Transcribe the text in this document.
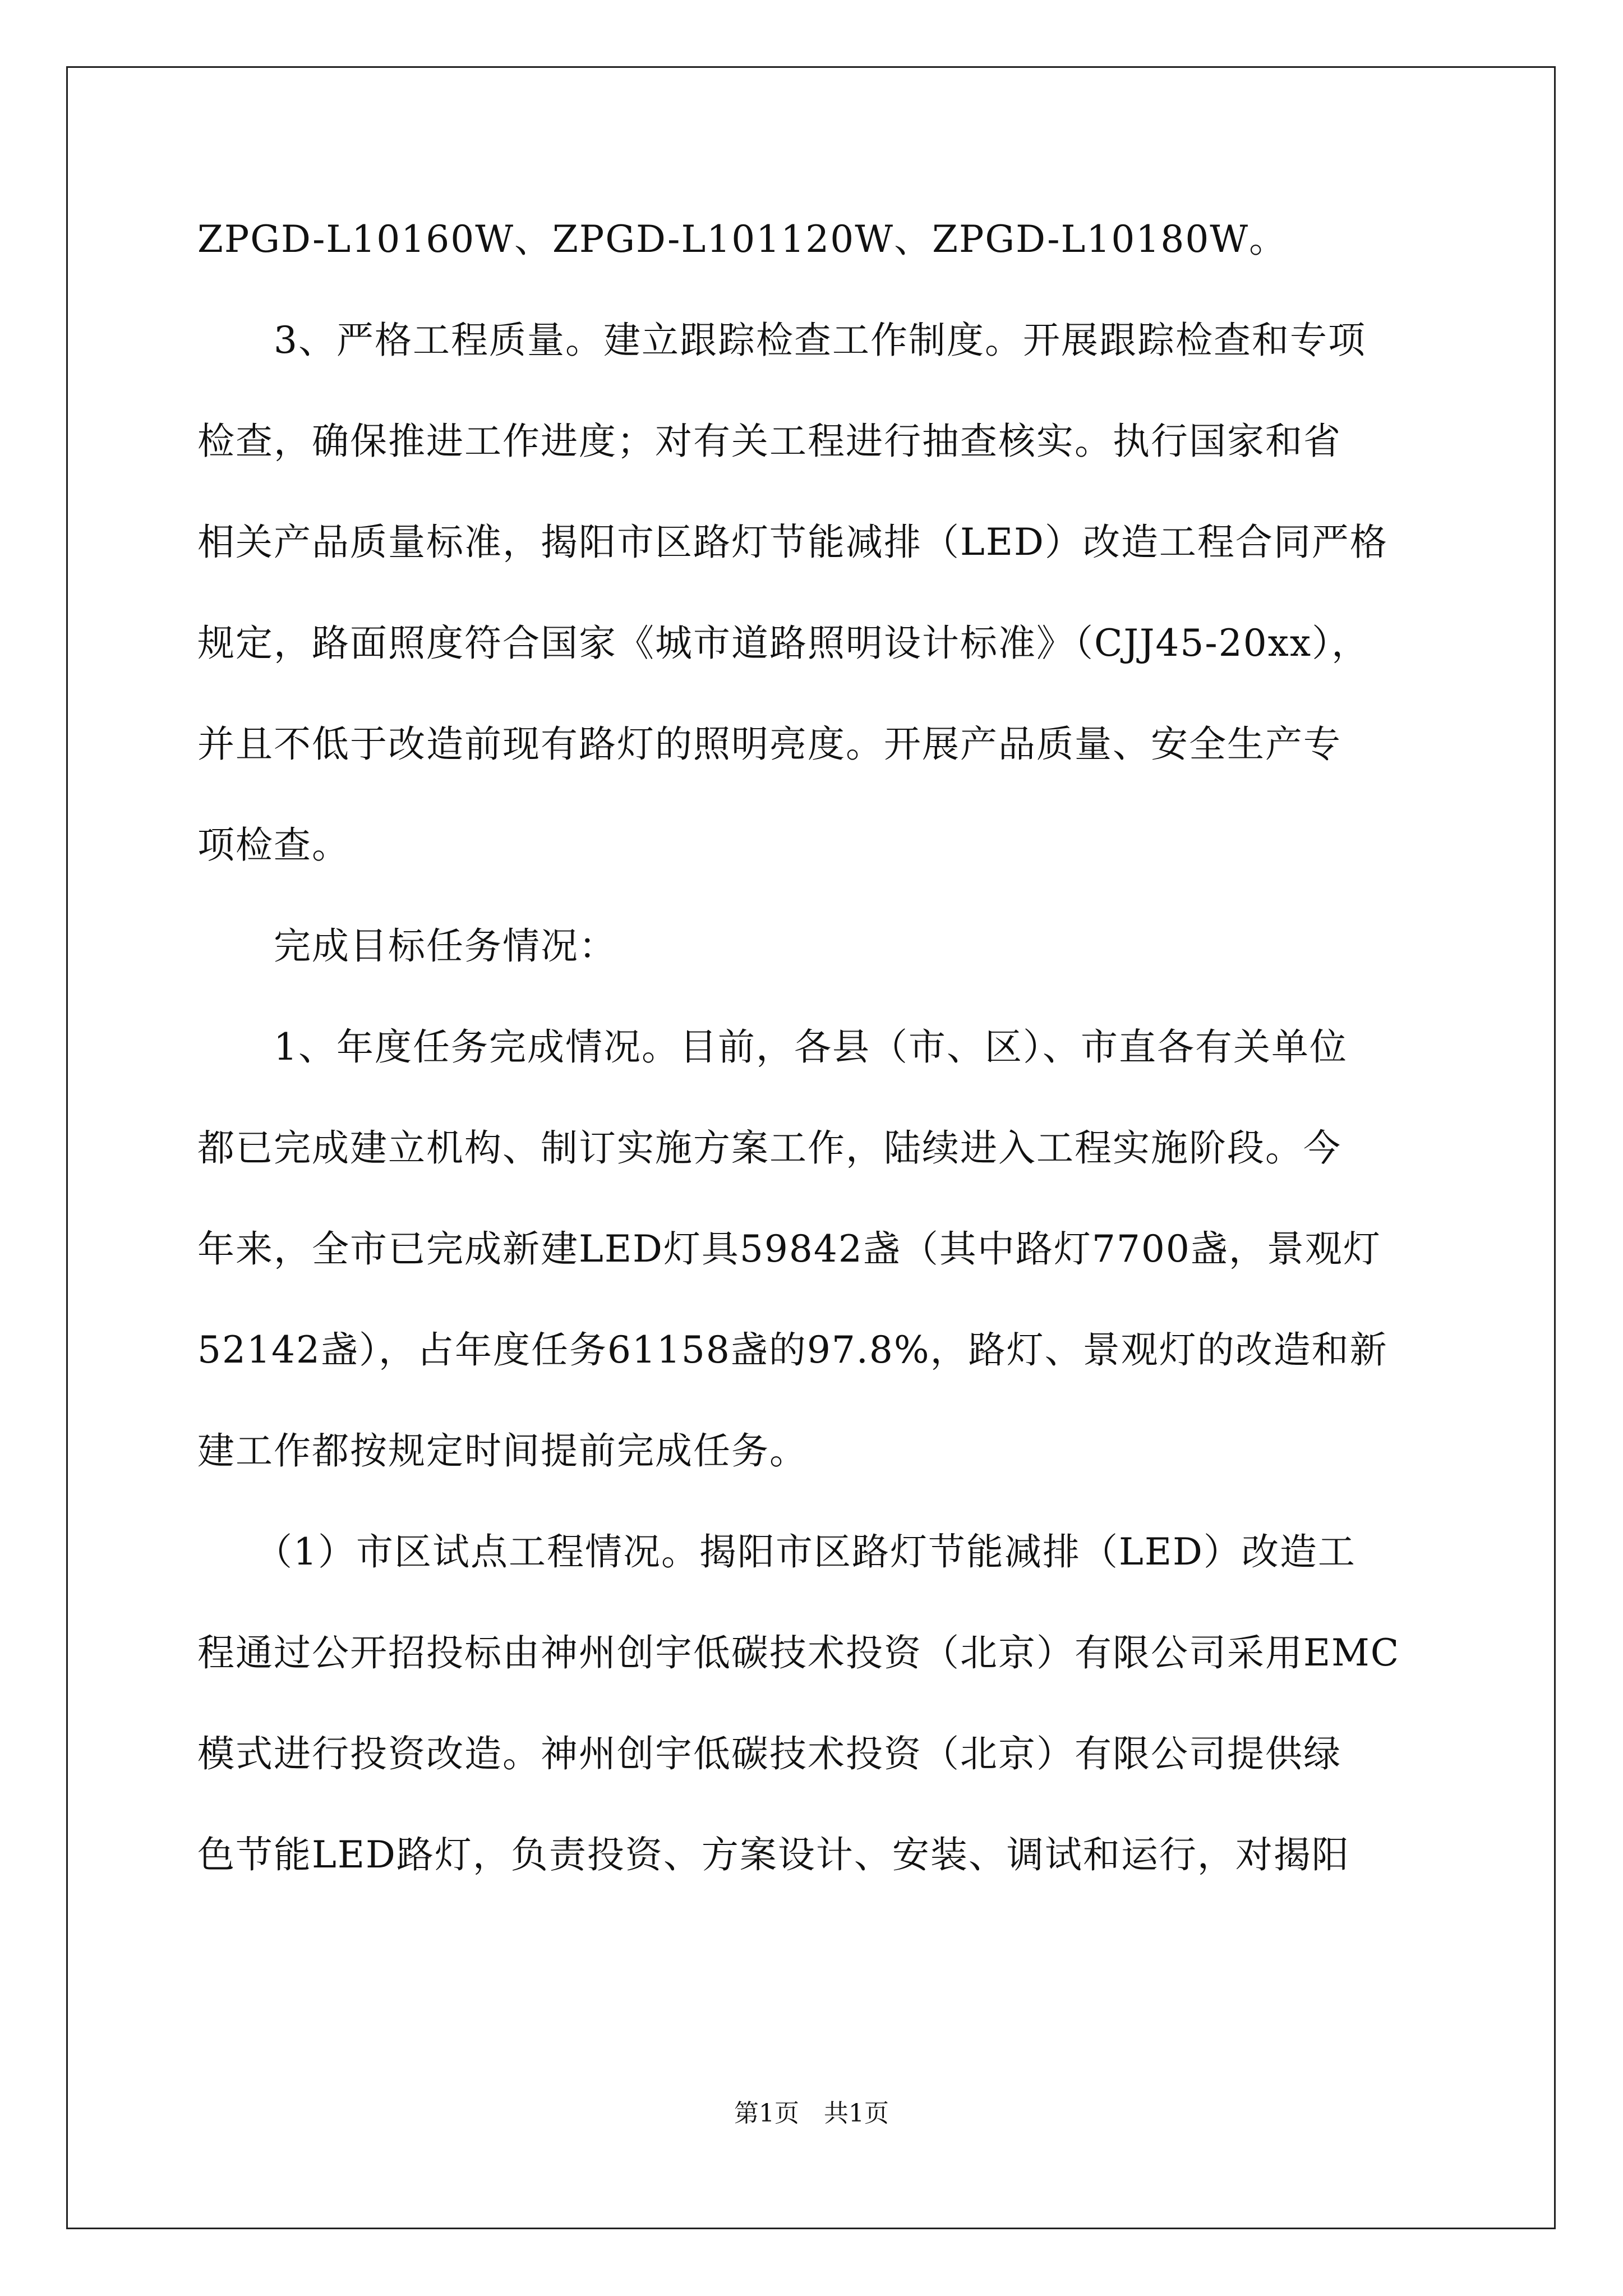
ZPGD-L10160W、ZPGD-L101120W、ZPGD-L10180W。
　　3、严格工程质量。建立跟踪检查工作制度。开展跟踪检查和专项
检查，确保推进工作进度；对有关工程进行抽查核实。执行国家和省
相关产品质量标准，揭阳市区路灯节能减排（LED）改造工程合同严格
规定，路面照度符合国家《城市道路照明设计标准》（CJJ45-20xx），
并且不低于改造前现有路灯的照明亮度。开展产品质量、安全生产专
项检查。
　　完成目标任务情况：
　　1、年度任务完成情况。目前，各县（市、区）、市直各有关单位
都已完成建立机构、制订实施方案工作，陆续进入工程实施阶段。今
年来，全市已完成新建LED灯具59842盏（其中路灯7700盏，景观灯
52142盏），占年度任务61158盏的97.8%，路灯、景观灯的改造和新
建工作都按规定时间提前完成任务。
　　（1）市区试点工程情况。揭阳市区路灯节能减排（LED）改造工
程通过公开招投标由神州创宇低碳技术投资（北京）有限公司采用EMC
模式进行投资改造。神州创宇低碳技术投资（北京）有限公司提供绿
色节能LED路灯，负责投资、方案设计、安装、调试和运行，对揭阳
第1页　共1页
